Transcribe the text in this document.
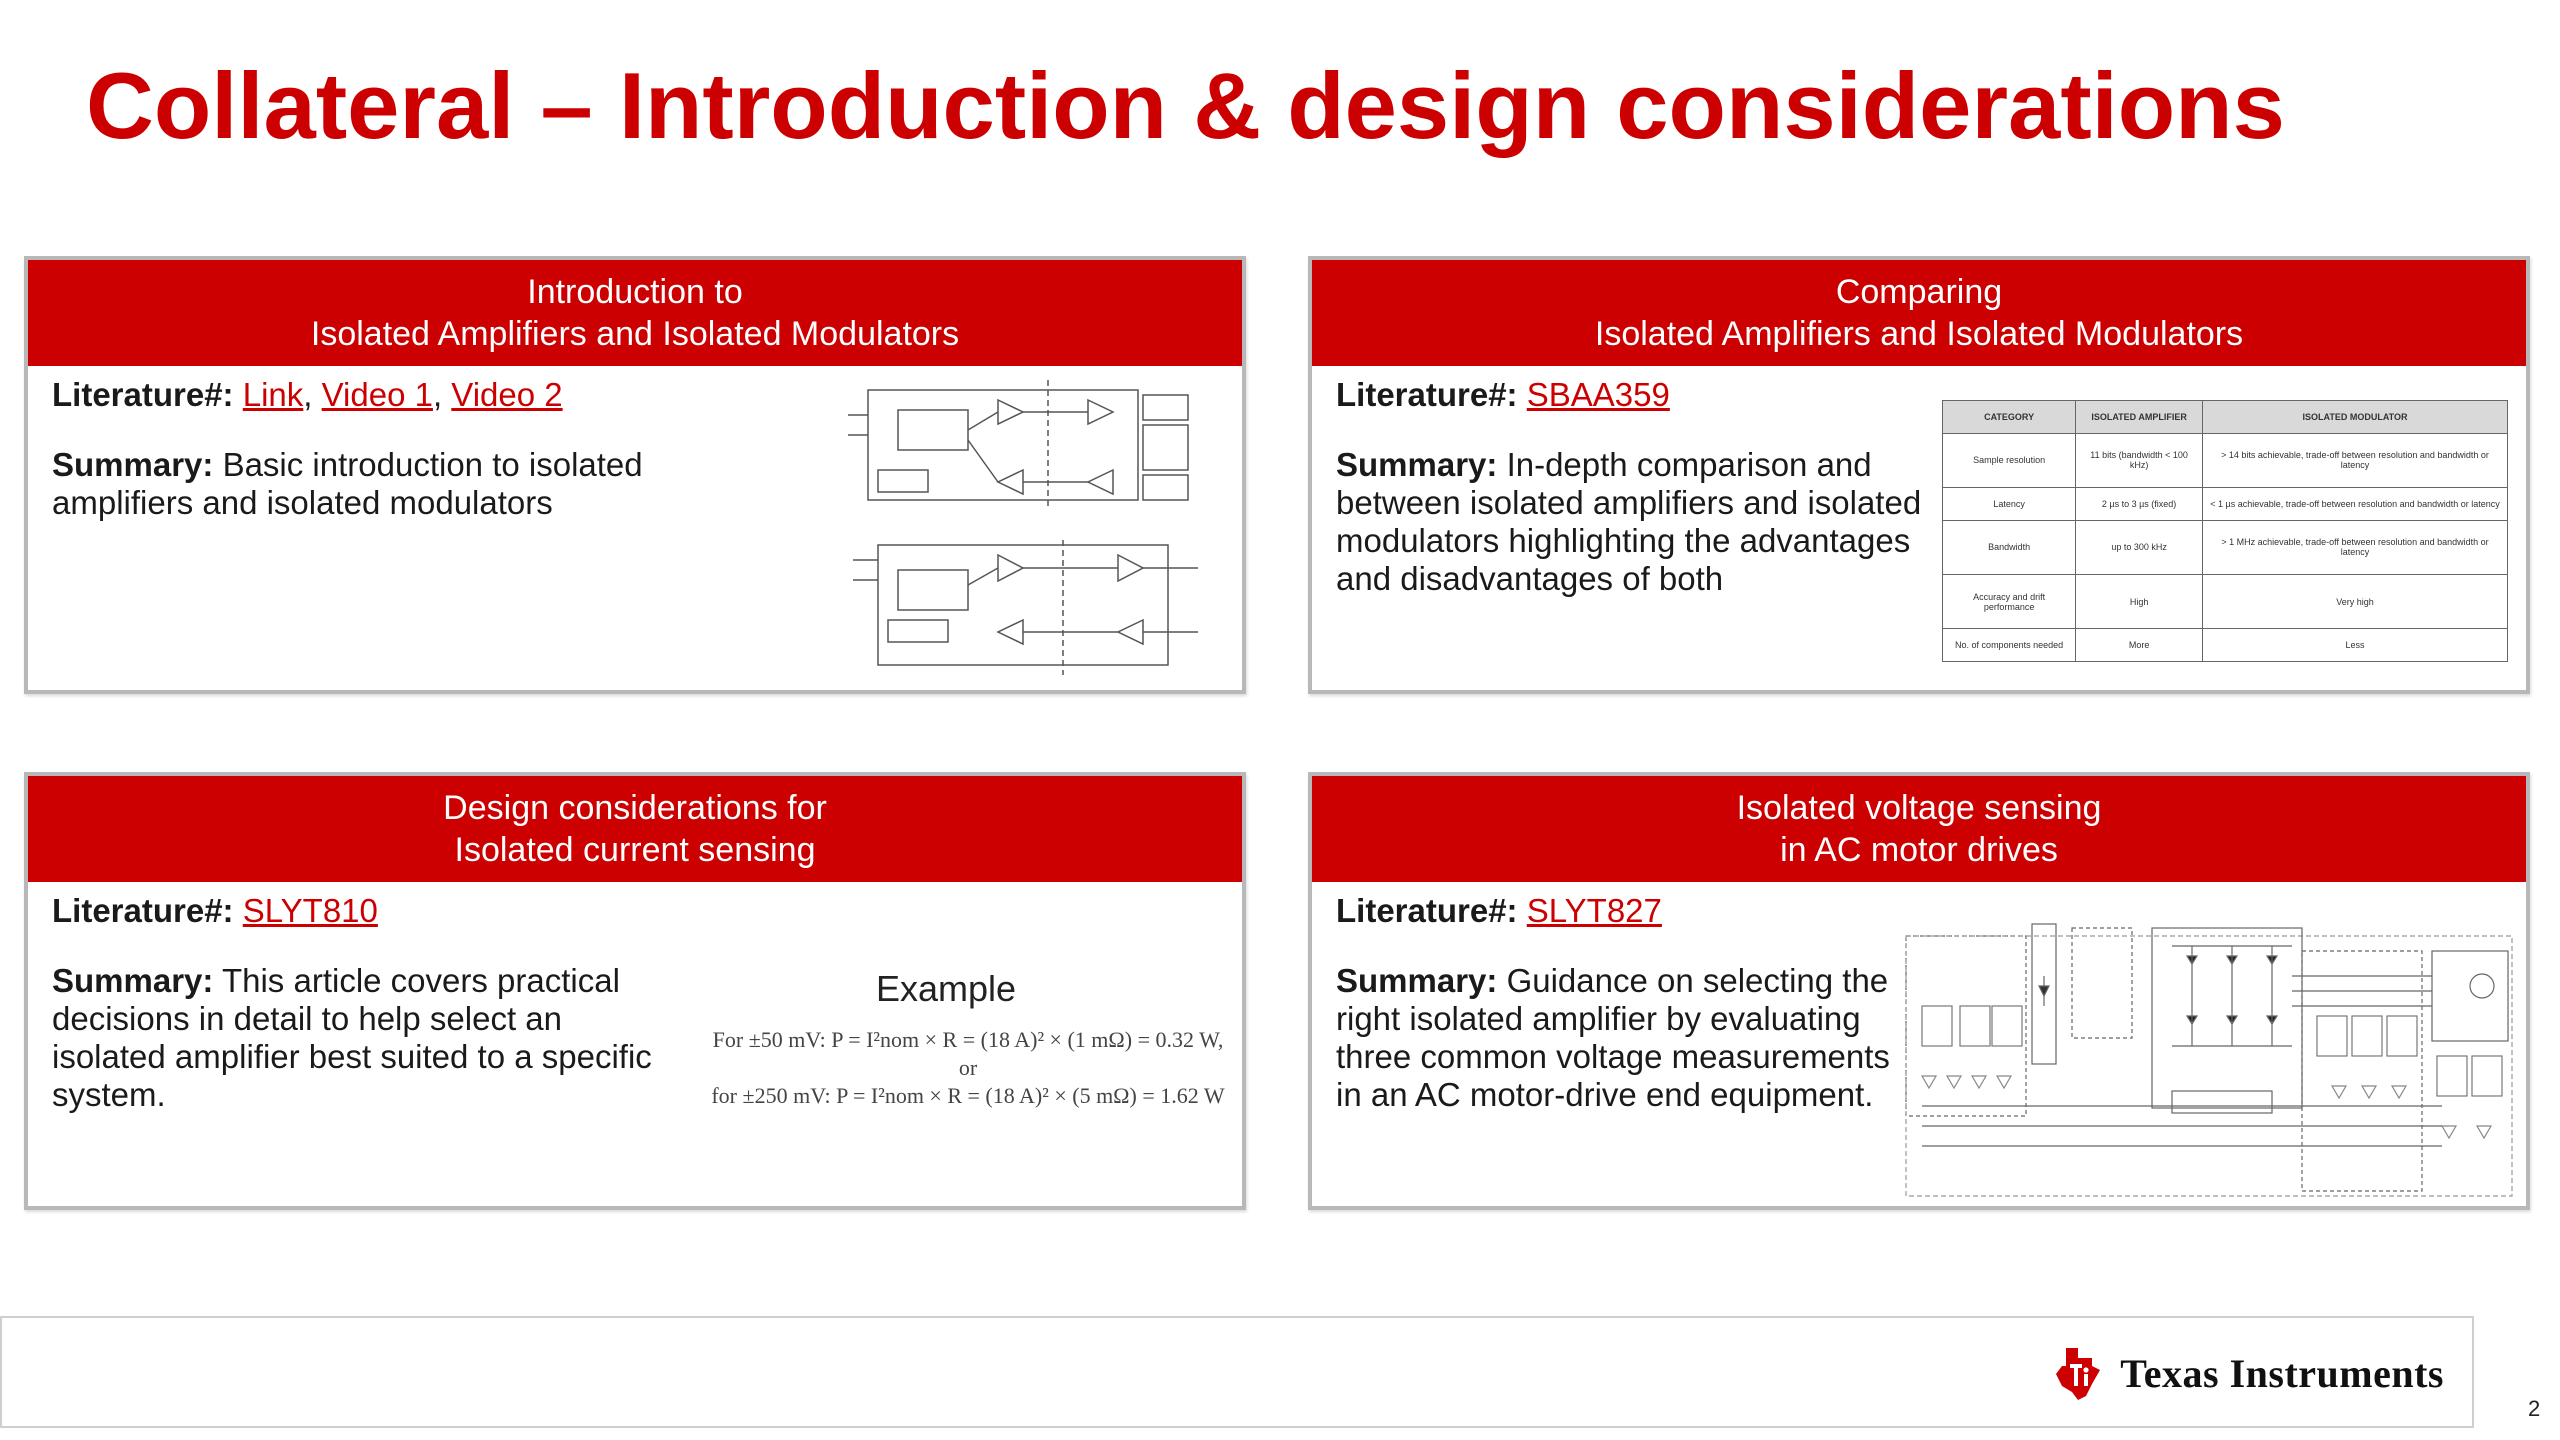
Collateral – Introduction & design considerations
Introduction to
Isolated Amplifiers and Isolated Modulators
Literature#: Link, Video 1, Video 2
Summary: Basic introduction to isolated amplifiers and isolated modulators
Comparing
Isolated Amplifiers and Isolated Modulators
Literature#: SBAA359
Summary: In-depth comparison and between isolated amplifiers and isolated modulators highlighting the advantages and disadvantages of both
CATEGORY	ISOLATED AMPLIFIER	ISOLATED MODULATOR
Sample resolution	11 bits (bandwidth < 100 kHz)	> 14 bits achievable, trade-off between resolution and bandwidth or latency
Latency	2 µs to 3 µs (fixed)	< 1 µs achievable, trade-off between resolution and bandwidth or latency
Bandwidth	up to 300 kHz	> 1 MHz achievable, trade-off between resolution and bandwidth or latency
Accuracy and drift performance	High	Very high
No. of components needed	More	Less
Design considerations for
Isolated current sensing
Literature#: SLYT810
Summary: This article covers practical decisions in detail to help select an isolated amplifier best suited to a specific system.
Example
For ±50 mV: P = I²nom × R = (18 A)² × (1 mΩ) = 0.32 W,
or
for ±250 mV: P = I²nom × R = (18 A)² × (5 mΩ) = 1.62 W
Isolated voltage sensing
in AC motor drives
Literature#: SLYT827
Summary: Guidance on selecting the right isolated amplifier by evaluating three common voltage measurements in an AC motor-drive end equipment.
Texas Instruments
2
